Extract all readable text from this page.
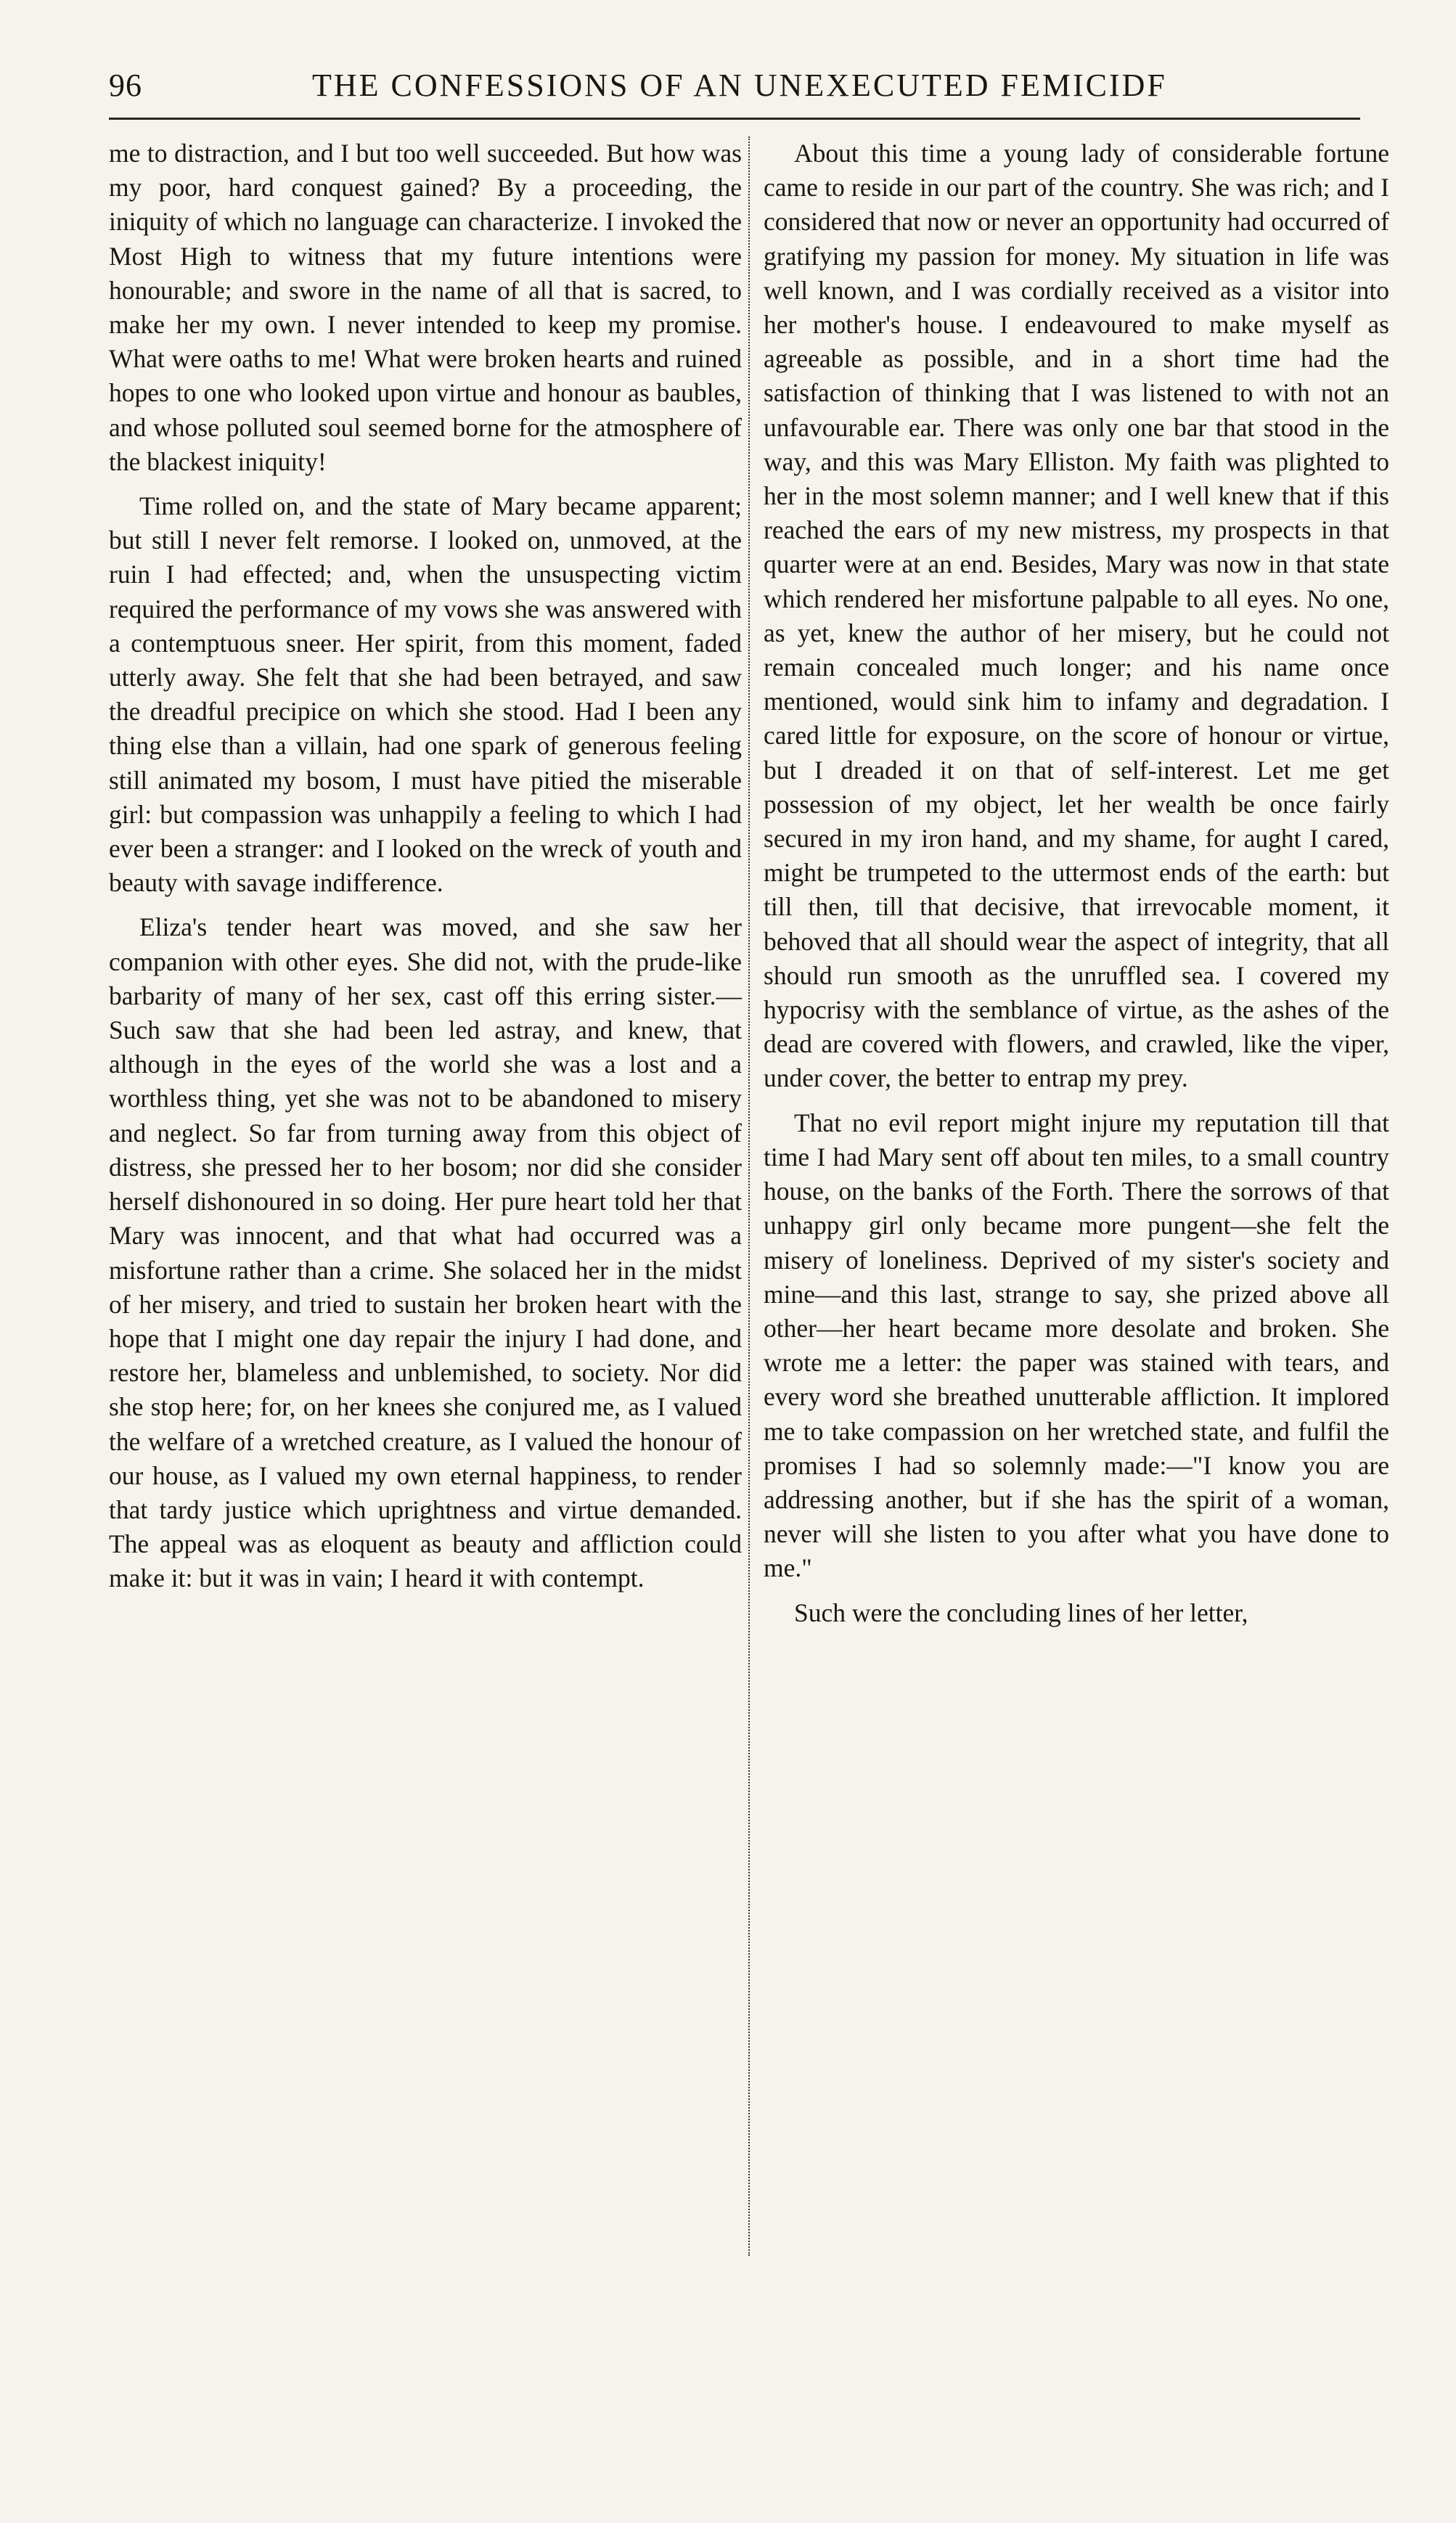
96	THE CONFESSIONS OF AN UNEXECUTED FEMICIDF

me to distraction, and I but too well succeeded. But how was my poor, hard conquest gained? By a proceeding, the iniquity of which no language can characterize. I invoked the Most High to witness that my future intentions were honourable; and swore in the name of all that is sacred, to make her my own. I never intended to keep my promise. What were oaths to me! What were broken hearts and ruined hopes to one who looked upon virtue and honour as baubles, and whose polluted soul seemed borne for the atmosphere of the blackest iniquity!

Time rolled on, and the state of Mary became apparent; but still I never felt remorse. I looked on, unmoved, at the ruin I had effected; and, when the unsuspecting victim required the performance of my vows she was answered with a contemptuous sneer. Her spirit, from this moment, faded utterly away. She felt that she had been betrayed, and saw the dreadful precipice on which she stood. Had I been any thing else than a villain, had one spark of generous feeling still animated my bosom, I must have pitied the miserable girl: but compassion was unhappily a feeling to which I had ever been a stranger: and I looked on the wreck of youth and beauty with savage indifference.

Eliza's tender heart was moved, and she saw her companion with other eyes. She did not, with the prude-like barbarity of many of her sex, cast off this erring sister.—Such saw that she had been led astray, and knew, that although in the eyes of the world she was a lost and a worthless thing, yet she was not to be abandoned to misery and neglect. So far from turning away from this object of distress, she pressed her to her bosom; nor did she consider herself dishonoured in so doing. Her pure heart told her that Mary was innocent, and that what had occurred was a misfortune rather than a crime. She solaced her in the midst of her misery, and tried to sustain her broken heart with the hope that I might one day repair the injury I had done, and restore her, blameless and unblemished, to society. Nor did she stop here; for, on her knees she conjured me, as I valued the welfare of a wretched creature, as I valued the honour of our house, as I valued my own eternal happiness, to render that tardy justice which uprightness and virtue demanded. The appeal was as eloquent as beauty and affliction could make it: but it was in vain; I heard it with contempt.

About this time a young lady of considerable fortune came to reside in our part of the country. She was rich; and I considered that now or never an opportunity had occurred of gratifying my passion for money. My situation in life was well known, and I was cordially received as a visitor into her mother's house. I endeavoured to make myself as agreeable as possible, and in a short time had the satisfaction of thinking that I was listened to with not an unfavourable ear. There was only one bar that stood in the way, and this was Mary Elliston. My faith was plighted to her in the most solemn manner; and I well knew that if this reached the ears of my new mistress, my prospects in that quarter were at an end. Besides, Mary was now in that state which rendered her misfortune palpable to all eyes. No one, as yet, knew the author of her misery, but he could not remain concealed much longer; and his name once mentioned, would sink him to infamy and degradation. I cared little for exposure, on the score of honour or virtue, but I dreaded it on that of self-interest. Let me get possession of my object, let her wealth be once fairly secured in my iron hand, and my shame, for aught I cared, might be trumpeted to the uttermost ends of the earth: but till then, till that decisive, that irrevocable moment, it behoved that all should wear the aspect of integrity, that all should run smooth as the unruffled sea. I covered my hypocrisy with the semblance of virtue, as the ashes of the dead are covered with flowers, and crawled, like the viper, under cover, the better to entrap my prey.

That no evil report might injure my reputation till that time I had Mary sent off about ten miles, to a small country house, on the banks of the Forth. There the sorrows of that unhappy girl only became more pungent—she felt the misery of loneliness. Deprived of my sister's society and mine—and this last, strange to say, she prized above all other—her heart became more desolate and broken. She wrote me a letter: the paper was stained with tears, and every word she breathed unutterable affliction. It implored me to take compassion on her wretched state, and fulfil the promises I had so solemnly made:—"I know you are addressing another, but if she has the spirit of a woman, never will she listen to you after what you have done to me."

Such were the concluding lines of her letter,
